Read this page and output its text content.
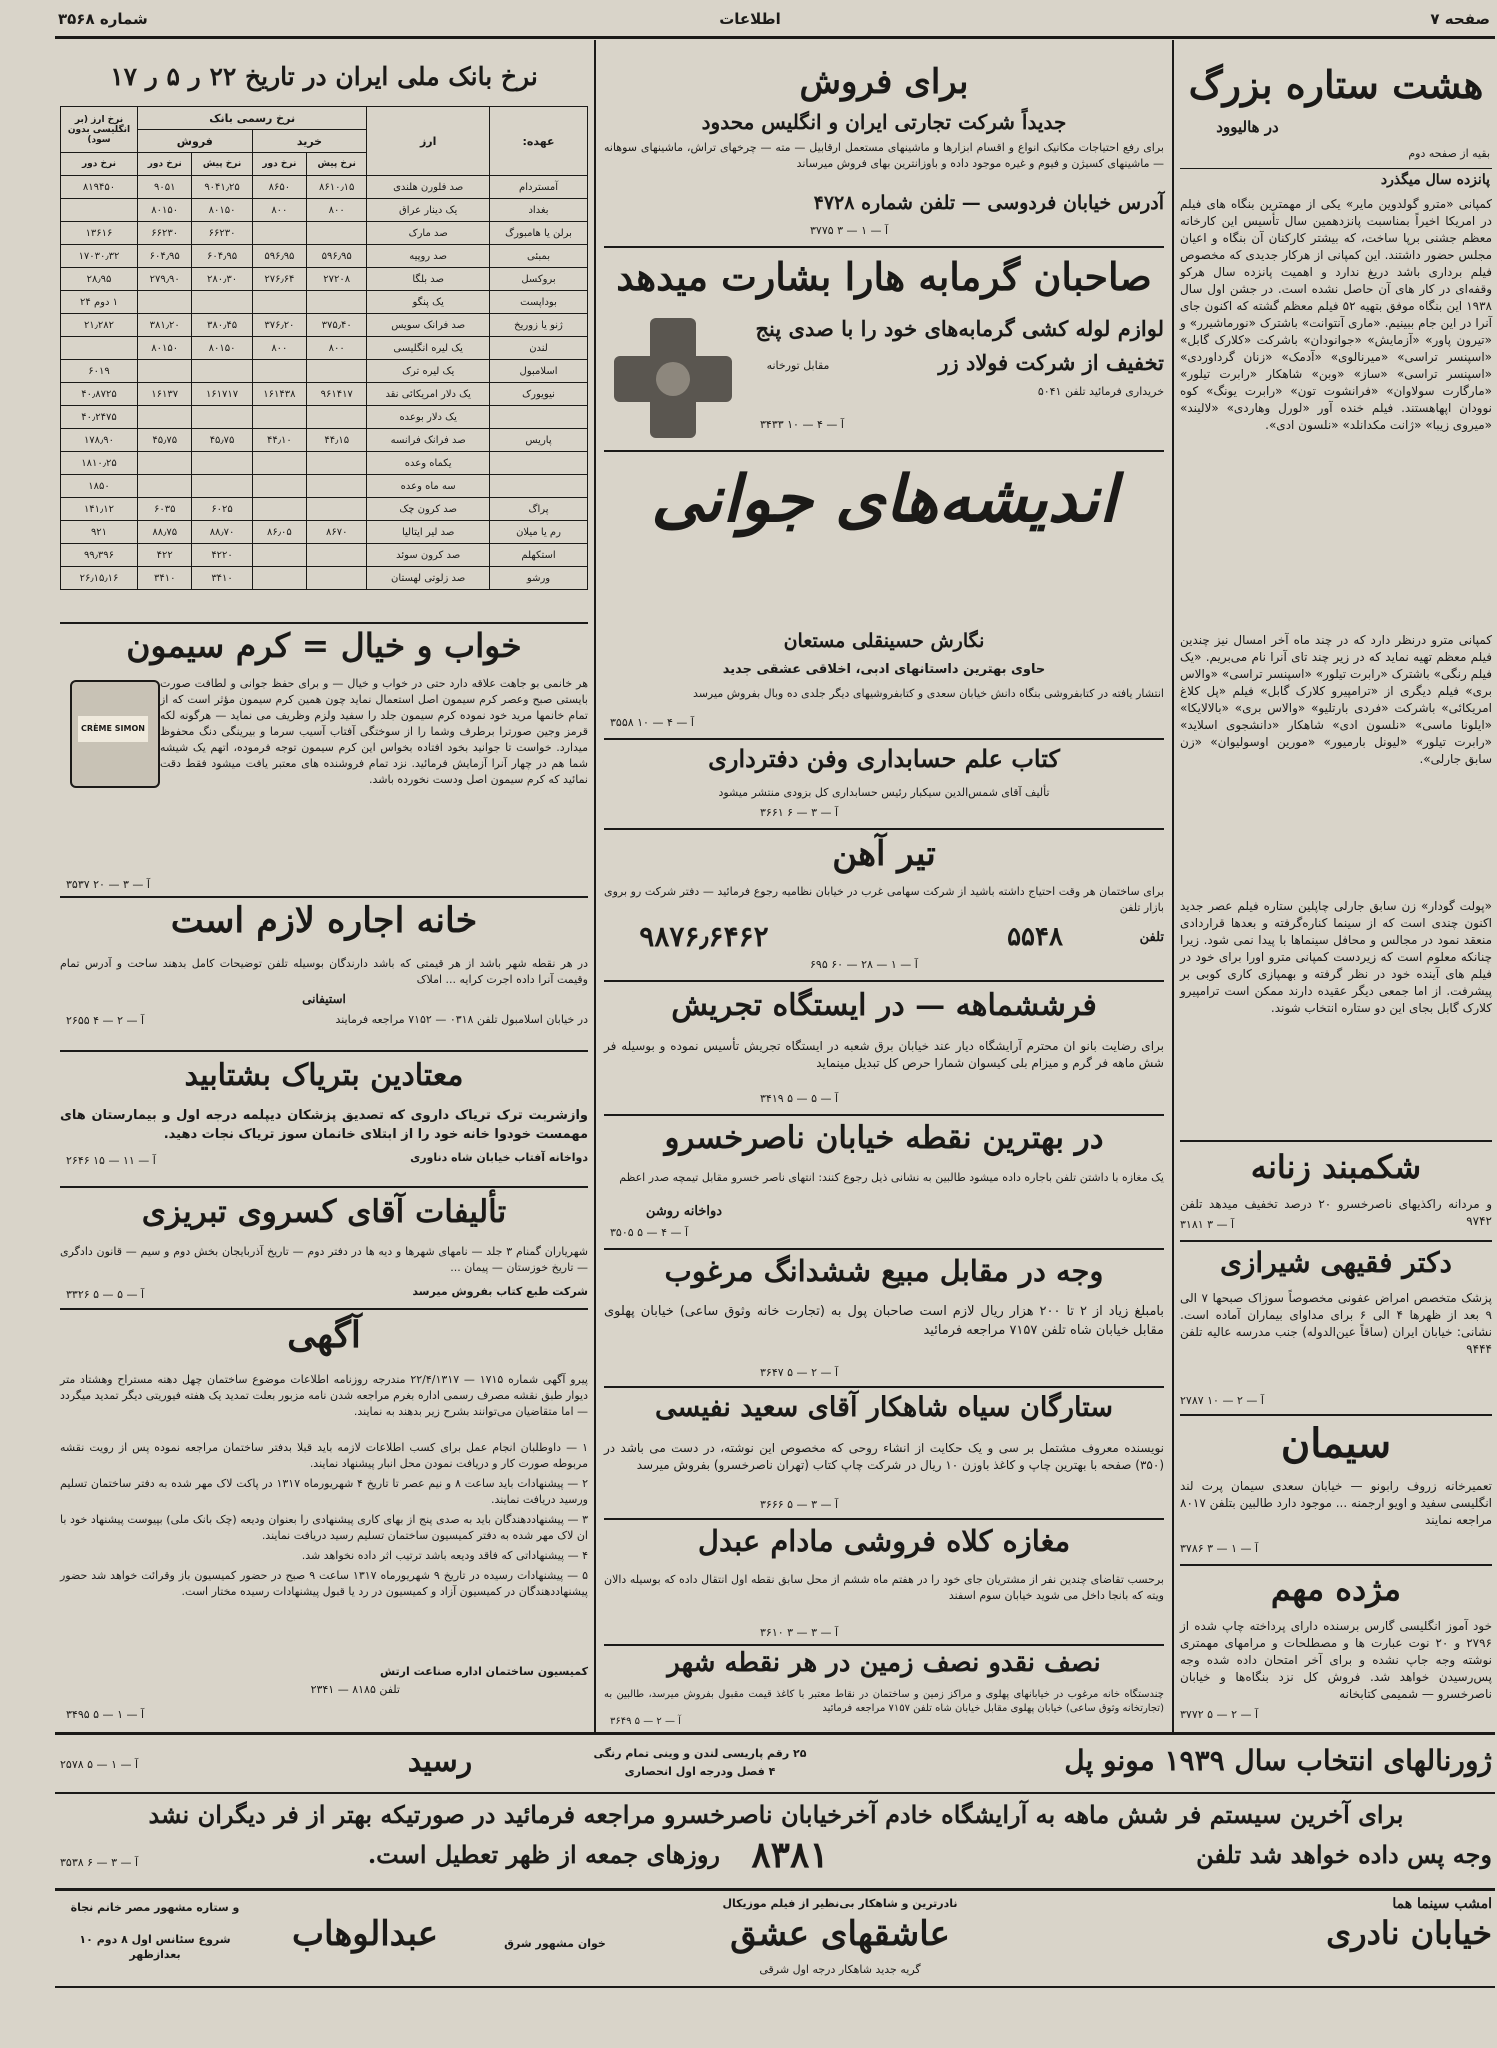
صفحه ۷
اطلاعات
شماره ۳۵۶۸
هشت ستاره بزرگ
در هالیوود
بقیه از صفحه دوم
پانزده سال میگذرد
کمپانی «مترو گولدوین مایر» یکی از مهمترین بنگاه های فیلم در امریکا اخیراً بمناسبت پانزدهمین سال تأسیس این کارخانه معظم جشنی برپا ساخت، که بیشتر کارکنان آن بنگاه و اعیان مجلس حضور داشتند. این کمپانی از هرکار جدیدی که مخصوص فیلم برداری باشد دریغ ندارد و اهمیت پانزده سال هرکو وقفه‌ای در کار های آن حاصل نشده است. در جشن اول سال ۱۹۳۸ این بنگاه موفق بتهیه ۵۲ فیلم معظم گشته که اکنون جای آنرا در این جام ببینیم. «ماری آنتوانت» باشترک «نورماشیرر» و «تیرون پاور» «آزمایش» «جوانودان» باشرکت «کلارک گابل» «اسپنسر تراسی» «میرنالوی» «آدمک» «زنان گرداوردی» «اسپنسر تراسی» «ساز» «وبن» شاهکار «رابرت تیلور» «مارگارت سولاوان» «فرانشوت تون» «رابرت یونگ» کوه نوودان اپهاهستند. فیلم خنده آور «لورل وهاردی» «لالیند» «میروی زیبا» «ژانت مکدانلد» «نلسون ادی».
کمپانی مترو درنظر دارد که در چند ماه آخر امسال نیز چندین فیلم معظم تهیه نماید که در زیر چند تای آنرا نام می‌بریم. «یک فیلم رنگی» باشترک «رابرت تیلور» «اسپنسر تراسی» «والاس بری» فیلم دیگری از «ترامپیرو کلارک گابل» فیلم «پل کلاغ امریکائی» باشرکت «فردی بارتلیو» «والاس بری» «بالالایکا» «ایلونا ماسی» «نلسون ادی» شاهکار «دانشجوی اسلاید» «رابرت تیلور» «لیونل بارمیور» «مورین اوسولیوان» «زن سابق جارلی».
«پولت گودار» زن سابق جارلی چاپلین ستاره فیلم عصر جدید اکنون چندی است که از سینما کناره‌گرفته و بعدها قراردادی منعقد نمود در مجالس و محافل سینماها با پیدا نمی شود. زیرا چنانکه معلوم است که زیردست کمپانی مترو اورا برای خود در فیلم های آینده خود در نظر گرفته و بهمپازی کاری کوبی بر پیشرفت. از اما جمعی دیگر عقیده دارند ممکن است ترامپیرو کلارک گابل بجای این دو ستاره انتخاب شوند.
شکمبند زنانه
و مردانه راکذیهای ناصرخسرو ۲۰ درصد تخفیف میدهد تلفن ۹۷۴۲
۳۱۸۱ آ — ۳
دکتر فقیهی شیرازی
پزشک متخصص امراض عفونی مخصوصاً سوزاک صبحها ۷ الی ۹ بعد از ظهرها ۴ الی ۶ برای مداوای بیماران آماده است. نشانی: خیابان ایران (ساقاً عین‌الدوله) جنب مدرسه عالیه تلفن ۹۴۴۴
۲۷۸۷ آ — ۲ — ۱۰
سیمان
تعمیرخانه زروف رابونو — خیابان سعدی سیمان پرت لند انگلیسی سفید و اویو ارجمنه ... موجود دارد طالبین بتلفن ۸۰۱۷ مراجعه نمایند
۳۷۸۶ آ — ۱ — ۳
مژده مهم
خود آموز انگلیسی گارس برسنده دارای پرداخته چاپ شده از ۲۷۹۶ و ۲۰ نوت عبارت ها و مصطلحات و مرامهای مهمتری نوشته وجه جاپ نشده و برای آخر امتحان داده شده وجه پس‌رسیدن خواهد شد. فروش کل نزد بنگاه‌ها و خیابان ناصرخسرو — شمیمی کتابخانه
۳۷۷۲ آ — ۲ — ۵
برای فروش
جدیداً شرکت تجارتی ایران و انگلیس محدود
برای رفع احتیاجات مکانیک انواع و اقسام ابزارها و ماشینهای مستعمل ارقابیل — مته — چرخهای تراش، ماشینهای سوهانه — ماشینهای کسیژن و فیوم و غیره موجود داده و باوزانترین بهای فروش میرساند
آدرس خیابان فردوسی — تلفن شماره ۴۷۲۸
۳۷۷۵ آ — ۱ — ۳
صاحبان گرمابه هارا بشارت میدهد
لوازم لوله کشی گرمابه‌های خود را با صدی پنج
تخفیف از شرکت فولاد زر
مقابل تورخانه
خریداری فرمائید تلفن ۵۰۴۱
۳۴۳۳ آ — ۴ — ۱۰
اندیشه‌های جوانی
نگارش حسینقلی مستعان
حاوی بهترین داستانهای ادبی، اخلاقی عشقی جدید
انتشار یافته در کتابفروشی بنگاه دانش خیابان سعدی و کتابفروشیهای دیگر جلدی ده وبال بفروش میرسد
۳۵۵۸ آ — ۴ — ۱۰
کتاب علم حسابداری وفن دفترداری
تألیف آقای شمس‌الدین سیکبار رئیس حسابداری کل بزودی منتشر میشود
۳۶۶۱ آ — ۳ — ۶
تیر آهن
برای ساختمان هر وقت احتیاج داشته باشید از شرکت سهامی غرب در خیابان نظامیه رجوع فرمائید — دفتر شرکت رو بروی بازار تلفن
تلفن
۵۵۴۸
۹۸۷۶٫۶۴۶۲
۶۹۵ آ — ۱ — ۲۸ — ۶۰
فرششماهه — در ایستگاه تجریش
برای رضایت بانو ان محترم آرایشگاه دیار عند خیابان برق شعبه در ایستگاه تجریش تأسیس نموده و بوسیله فر شش ماهه فر گرم و میزام بلی کیسوان شمارا حرص کل تبدیل مینماید
۳۴۱۹ آ — ۵ — ۵
در بهترین نقطه خیابان ناصرخسرو
یک مغازه با داشتن تلفن باجاره داده میشود طالبین به نشانی ذیل رجوع کنند: انتهای ناصر خسرو مقابل تیمچه صدر اعظم
دواخانه روشن
۳۵۰۵ آ — ۴ — ۵
وجه در مقابل مبیع ششدانگ مرغوب
بامبلغ زیاد از ۲ تا ۲۰۰ هزار ریال لازم است صاحبان پول به (تجارت خانه وثوق ساعی) خیابان پهلوی مقابل خیابان شاه تلفن ۷۱۵۷ مراجعه فرمائید
۳۶۴۷ آ — ۲ — ۵
ستارگان سیاه شاهکار آقای سعید نفیسی
نویسنده معروف مشتمل بر سی و یک حکایت از انشاء روحی که مخصوص این نوشته، در دست می باشد در (۳۵۰) صفحه با بهترین چاپ و کاغذ باوزن ۱۰ ریال در شرکت چاپ کتاب (تهران ناصرخسرو) بفروش میرسد
۳۶۶۶ آ — ۳ — ۵
مغازه کلاه فروشی مادام عبدل
برحسب تقاضای چندین نفر از مشتریان جای خود را در هفتم ماه ششم از محل سابق نقطه اول انتقال داده که بوسیله دالان ویته که بانجا داخل می شوید خیابان سوم اسفند
۳۶۱۰ آ — ۳ — ۳
نصف نقدو نصف زمین در هر نقطه شهر
چندستگاه خانه مرغوب در خیابانهای پهلوی و مراکز زمین و ساختمان در نقاط معتبر با کاغذ قیمت مقبول بفروش میرسد، طالبین به (تجارتخانه وثوق ساعی) خیابان پهلوی مقابل خیابان شاه تلفن ۷۱۵۷ مراجعه فرمائید
۳۶۴۹ آ — ۲ — ۵
نرخ بانک ملی ایران در تاریخ ۲۲ ر ۵ ر ۱۷
عهده:	ارز	نرخ رسمی بانک				نرخ ارز (بر انگلیسی بدون سود)
		خرید		فروش		
		نرخ پیش	نرخ دور	نرخ پیش	نرخ دور	نرخ دور
آمستردام	صد فلورن هلندی	۸۶۱۰٫۱۵	۸۶۵۰	۹۰۴۱٫۲۵	۹۰۵۱	۸۱۹۴۵۰
بغداد	یک دینار عراق	۸۰۰	۸۰۰	۸۰۱۵۰	۸۰۱۵۰	
برلن یا هامبورگ	صد مارک			۶۶۲۳۰	۶۶۲۳۰	۱۳۶۱۶
بمبئی	صد روپیه	۵۹۶٫۹۵	۵۹۶٫۹۵	۶۰۴٫۹۵	۶۰۴٫۹۵	۱۷۰۳۰٫۳۲
بروکسل	صد بلگا	۲۷۲۰۸	۲۷۶٫۶۴	۲۸۰٫۳۰	۲۷۹٫۹۰	۲۸٫۹۵
بوداپست	یک پنگو					۱ دوم ۲۴
ژنو یا زوریخ	صد فرانک سویس	۳۷۵٫۴۰	۳۷۶٫۲۰	۳۸۰٫۴۵	۳۸۱٫۲۰	۲۱٫۲۸۲
لندن	یک لیره انگلیسی	۸۰۰	۸۰۰	۸۰۱۵۰	۸۰۱۵۰	
اسلامبول	یک لیره ترک					۶۰۱۹
نیویورک	یک دلار امریکائی نقد	۹۶۱۴۱۷	۱۶۱۴۳۸	۱۶۱۷۱۷	۱۶۱۳۷	۴۰٫۸۷۲۵
	یک دلار بوعده					۴۰٫۲۴۷۵
پاریس	صد فرانک فرانسه	۴۴٫۱۵	۴۴٫۱۰	۴۵٫۷۵	۴۵٫۷۵	۱۷۸٫۹۰
	یکماه وعده					۱۸۱۰٫۲۵
	سه ماه وعده					۱۸۵۰
پراگ	صد کرون چک			۶۰۲۵	۶۰۳۵	۱۴۱٫۱۲
رم یا میلان	صد لیر ایتالیا	۸۶۷۰	۸۶٫۰۵	۸۸٫۷۰	۸۸٫۷۵	۹۲۱
استکهلم	صد کرون سوئد			۴۲۲۰	۴۲۲	۹۹٫۳۹۶
ورشو	صد زلوتی لهستان			۳۴۱۰	۳۴۱۰	۲۶٫۱۵٫۱۶
خواب و خیال = کرم سیمون
CRÈME SIMON
هر خانمی بو جاهت علاقه دارد حتی در خواب و خیال — و برای حفظ جوانی و لطافت صورت بایستی صبح وعصر کرم سیمون اصل استعمال نماید چون همین کرم سیمون مؤثر است که از تمام خانمها مرید خود نموده کرم سیمون جلد را سفید ولزم وظریف می نماید — هرگونه لکه قرمز وجین صورترا برطرف وشما را از سوختگی آفتاب آسیب سرما و بیرینگی دنگ محفوظ میدارد. خواست تا جوانید بخود افتاده بخواس این کرم سیمون توجه فرموده، اتهم یک شیشه شما هم در چهار آنرا آزمایش فرمائید. نزد تمام فروشنده های معتبر یافت میشود فقط دقت نمائید که کرم سیمون اصل ودست نخورده باشد.
۳۵۳۷ آ — ۳ — ۲۰
خانه اجاره لازم است
در هر نقطه شهر باشد از هر قیمتی که باشد دارندگان بوسیله تلفن توضیحات کامل بدهند ساحت و آدرس تمام وقیمت آنرا داده اجرت کرایه ... املاک
استیفانی
در خیابان اسلامبول تلفن ۰۳۱۸ — ۷۱۵۲ مراجعه فرمایند
۲۶۵۵ آ — ۲ — ۴
معتادین بتریاک بشتابید
وازشربت ترک تریاک داروی که تصدیق پزشکان دیپلمه درجه اول و بیمارستان های مهمست خودوا خانه خود را از ابتلای خانمان سوز تریاک نجات دهید.
دواخانه آفتاب خیابان شاه دناوری
۲۶۴۶ آ — ۱۱ — ۱۵
تألیفات آقای کسروی تبریزی
شهریاران گمنام ۳ جلد — نامهای شهرها و دیه ها در دفتر دوم — تاریخ آذربایجان بخش دوم و سیم — قانون دادگری — تاریخ خوزستان — پیمان ...
شرکت طبع کتاب بفروش میرسد
۳۳۲۶ آ — ۵ — ۵
آگهی
پیرو آگهی شماره ۱۷۱۵ — ۲۲/۴/۱۳۱۷ مندرجه روزنامه اطلاعات موضوع ساختمان چهل دهنه مستراح وهشتاد متر دیوار طبق نقشه مصرف رسمی اداره بغرم مراجعه شدن نامه مزبور بعلت تمدید یک هفته فیوریتی دیگر تمدید میگردد — اما متقاضیان می‌توانند بشرح زیر بدهند به نمایند.
۱ — داوطلبان انجام عمل برای کسب اطلاعات لازمه باید قبلا بدفتر ساختمان مراجعه نموده پس از رویت نقشه مربوطه صورت کار و دریافت نمودن محل انبار پیشنهاد نمایند.
۲ — پیشنهادات باید ساعت ۸ و نیم عصر تا تاریخ ۴ شهریورماه ۱۳۱۷ در پاکت لاک مهر شده به دفتر ساختمان تسلیم ورسید دریافت نمایند.
۳ — پیشنهاددهندگان باید به صدی پنج از بهای کاری پیشنهادی را بعنوان ودیعه (چک بانک ملی) بپیوست پیشنهاد خود با ان لاک مهر شده به دفتر کمیسیون ساختمان تسلیم رسید دریافت نمایند.
۴ — پیشنهاداتی که فاقد ودیعه باشد ترتیب اثر داده نخواهد شد.
۵ — پیشنهادات رسیده در تاریخ ۹ شهریورماه ۱۳۱۷ ساعت ۹ صبح در حضور کمیسیون باز وقرائت خواهد شد حضور پیشنهاددهندگان در کمیسیون آزاد و کمیسیون در رد یا قبول پیشنهادات رسیده مختار است.
کمیسیون ساختمان اداره صناعت ارتش
تلفن ۸۱۸۵ — ۲۳۴۱
۳۴۹۵ آ — ۱ — ۵
ژورنالهای انتخاب سال ۱۹۳۹ مونو پل
۲۵ رقم پاریسی لندن و وینی تمام رنگی
۴ فصل ودرجه اول انحصاری
رسید
۲۵۷۸ آ — ۱ — ۵
برای آخرین سیستم فر شش ماهه به آرایشگاه خادم آخرخیابان ناصرخسرو مراجعه فرمائید در صورتیکه بهتر از فر دیگران نشد
وجه پس داده خواهد شد تلفن
۸۳۸۱
روزهای جمعه از ظهر تعطیل است.
۳۵۳۸ آ — ۳ — ۶
امشب سینما هما
خیابان نادری
نادرترین و شاهکار بی‌نظیر از فیلم موزیکال
عاشقهای عشق
گریه جدید شاهکار درجه اول شرقی
خوان مشهور شرق
عبدالوهاب
و ستاره مشهور مصر خانم نجاة
شروع سئانس اول ۸ دوم ۱۰ بعدازظهر
